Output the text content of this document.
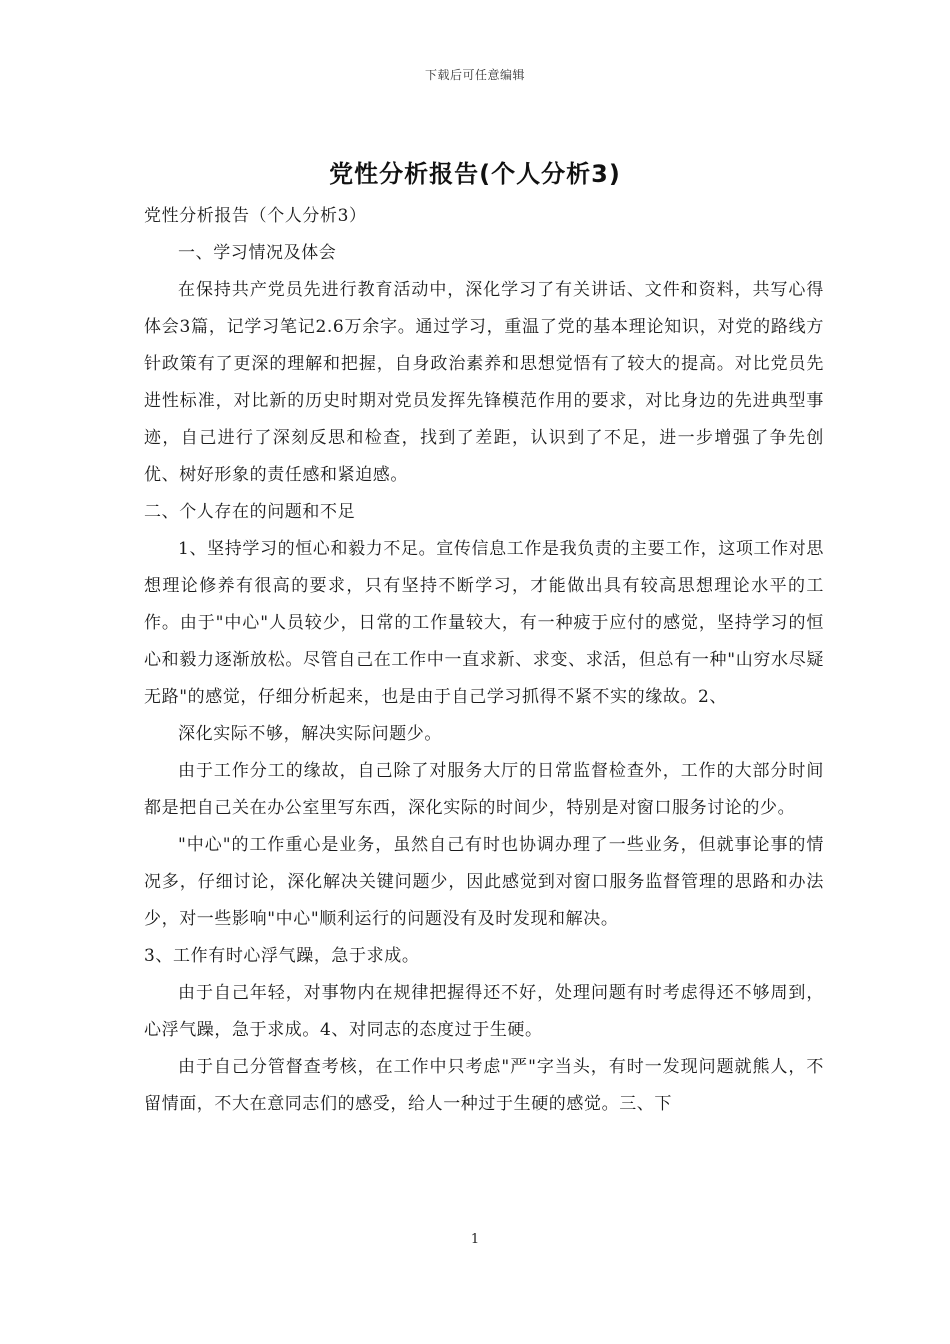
下载后可任意编辑
党性分析报告(个人分析3)

党性分析报告（个人分析3）

一、学习情况及体会

在保持共产党员先进行教育活动中，深化学习了有关讲话、文件和资料，共写心得体会3篇，记学习笔记2.6万余字。通过学习，重温了党的基本理论知识，对党的路线方针政策有了更深的理解和把握，自身政治素养和思想觉悟有了较大的提高。对比党员先进性标准，对比新的历史时期对党员发挥先锋模范作用的要求，对比身边的先进典型事迹，自己进行了深刻反思和检查，找到了差距，认识到了不足，进一步增强了争先创优、树好形象的责任感和紧迫感。

二、个人存在的问题和不足

1、坚持学习的恒心和毅力不足。宣传信息工作是我负责的主要工作，这项工作对思想理论修养有很高的要求，只有坚持不断学习，才能做出具有较高思想理论水平的工作。由于"中心"人员较少，日常的工作量较大，有一种疲于应付的感觉，坚持学习的恒心和毅力逐渐放松。尽管自己在工作中一直求新、求变、求活，但总有一种"山穷水尽疑无路"的感觉，仔细分析起来，也是由于自己学习抓得不紧不实的缘故。2、

深化实际不够，解决实际问题少。

由于工作分工的缘故，自己除了对服务大厅的日常监督检查外，工作的大部分时间都是把自己关在办公室里写东西，深化实际的时间少，特别是对窗口服务讨论的少。

"中心"的工作重心是业务，虽然自己有时也协调办理了一些业务，但就事论事的情况多，仔细讨论，深化解决关键问题少，因此感觉到对窗口服务监督管理的思路和办法少，对一些影响"中心"顺利运行的问题没有及时发现和解决。

3、工作有时心浮气躁，急于求成。

由于自己年轻，对事物内在规律把握得还不好，处理问题有时考虑得还不够周到，心浮气躁，急于求成。4、对同志的态度过于生硬。

由于自己分管督查考核，在工作中只考虑"严"字当头，有时一发现问题就熊人，不留情面，不大在意同志们的感受，给人一种过于生硬的感觉。三、下

1
